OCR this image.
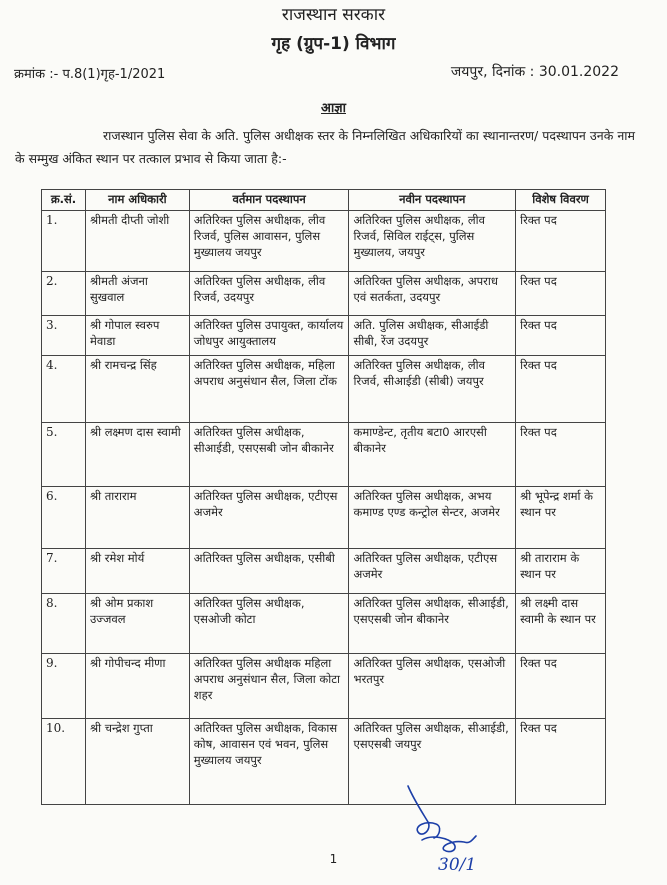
राजस्थान सरकार
गृह (ग्रुप-1) विभाग
क्रमांक :- प.8(1)गृह-1/2021	जयपुर, दिनांक : 30.01.2022
आज्ञा
राजस्थान पुलिस सेवा के अति. पुलिस अधीक्षक स्तर के निम्नलिखित अधिकारियों का स्थानान्तरण/ पदस्थापन उनके नाम के सम्मुख अंकित स्थान पर तत्काल प्रभाव से किया जाता है:-
क्र.सं.	नाम अधिकारी	वर्तमान पदस्थापन	नवीन पदस्थापन	विशेष विवरण
1.	श्रीमती दीप्ती जोशी	अतिरिक्त पुलिस अधीक्षक, लीव रिजर्व, पुलिस आवासन, पुलिस मुख्यालय जयपुर	अतिरिक्त पुलिस अधीक्षक, लीव रिजर्व, सिविल राईट्स, पुलिस मुख्यालय, जयपुर	रिक्त पद
2.	श्रीमती अंजना सुखवाल	अतिरिक्त पुलिस अधीक्षक, लीव रिजर्व, उदयपुर	अतिरिक्त पुलिस अधीक्षक, अपराध एवं सतर्कता, उदयपुर	रिक्त पद
3.	श्री गोपाल स्वरुप मेवाडा	अतिरिक्त पुलिस उपायुक्त, कार्यालय जोधपुर आयुक्तालय	अति. पुलिस अधीक्षक, सीआईडी सीबी, रेंज उदयपुर	रिक्त पद
4.	श्री रामचन्द्र सिंह	अतिरिक्त पुलिस अधीक्षक, महिला अपराध अनुसंधान सैल, जिला टोंक	अतिरिक्त पुलिस अधीक्षक, लीव रिजर्व, सीआईडी (सीबी) जयपुर	रिक्त पद
5.	श्री लक्ष्मण दास स्वामी	अतिरिक्त पुलिस अधीक्षक, सीआईडी, एसएसबी जोन बीकानेर	कमाण्डेन्ट, तृतीय बटा0 आरएसी बीकानेर	रिक्त पद
6.	श्री ताराराम	अतिरिक्त पुलिस अधीक्षक, एटीएस अजमेर	अतिरिक्त पुलिस अधीक्षक, अभय कमाण्ड एण्ड कन्ट्रोल सेन्टर, अजमेर	श्री भूपेन्द्र शर्मा के स्थान पर
7.	श्री रमेश मोर्य	अतिरिक्त पुलिस अधीक्षक, एसीबी	अतिरिक्त पुलिस अधीक्षक, एटीएस अजमेर	श्री ताराराम के स्थान पर
8.	श्री ओम प्रकाश उज्जवल	अतिरिक्त पुलिस अधीक्षक, एसओजी कोटा	अतिरिक्त पुलिस अधीक्षक, सीआईडी, एसएसबी जोन बीकानेर	श्री लक्ष्मी दास स्वामी के स्थान पर
9.	श्री गोपीचन्द मीणा	अतिरिक्त पुलिस अधीक्षक महिला अपराध अनुसंधान सैल, जिला कोटा शहर	अतिरिक्त पुलिस अधीक्षक, एसओजी भरतपुर	रिक्त पद
10.	श्री चन्द्रेश गुप्ता	अतिरिक्त पुलिस अधीक्षक, विकास कोष, आवासन एवं भवन, पुलिस मुख्यालय जयपुर	अतिरिक्त पुलिस अधीक्षक, सीआईडी, एसएसबी जयपुर	रिक्त पद
30/1
1
